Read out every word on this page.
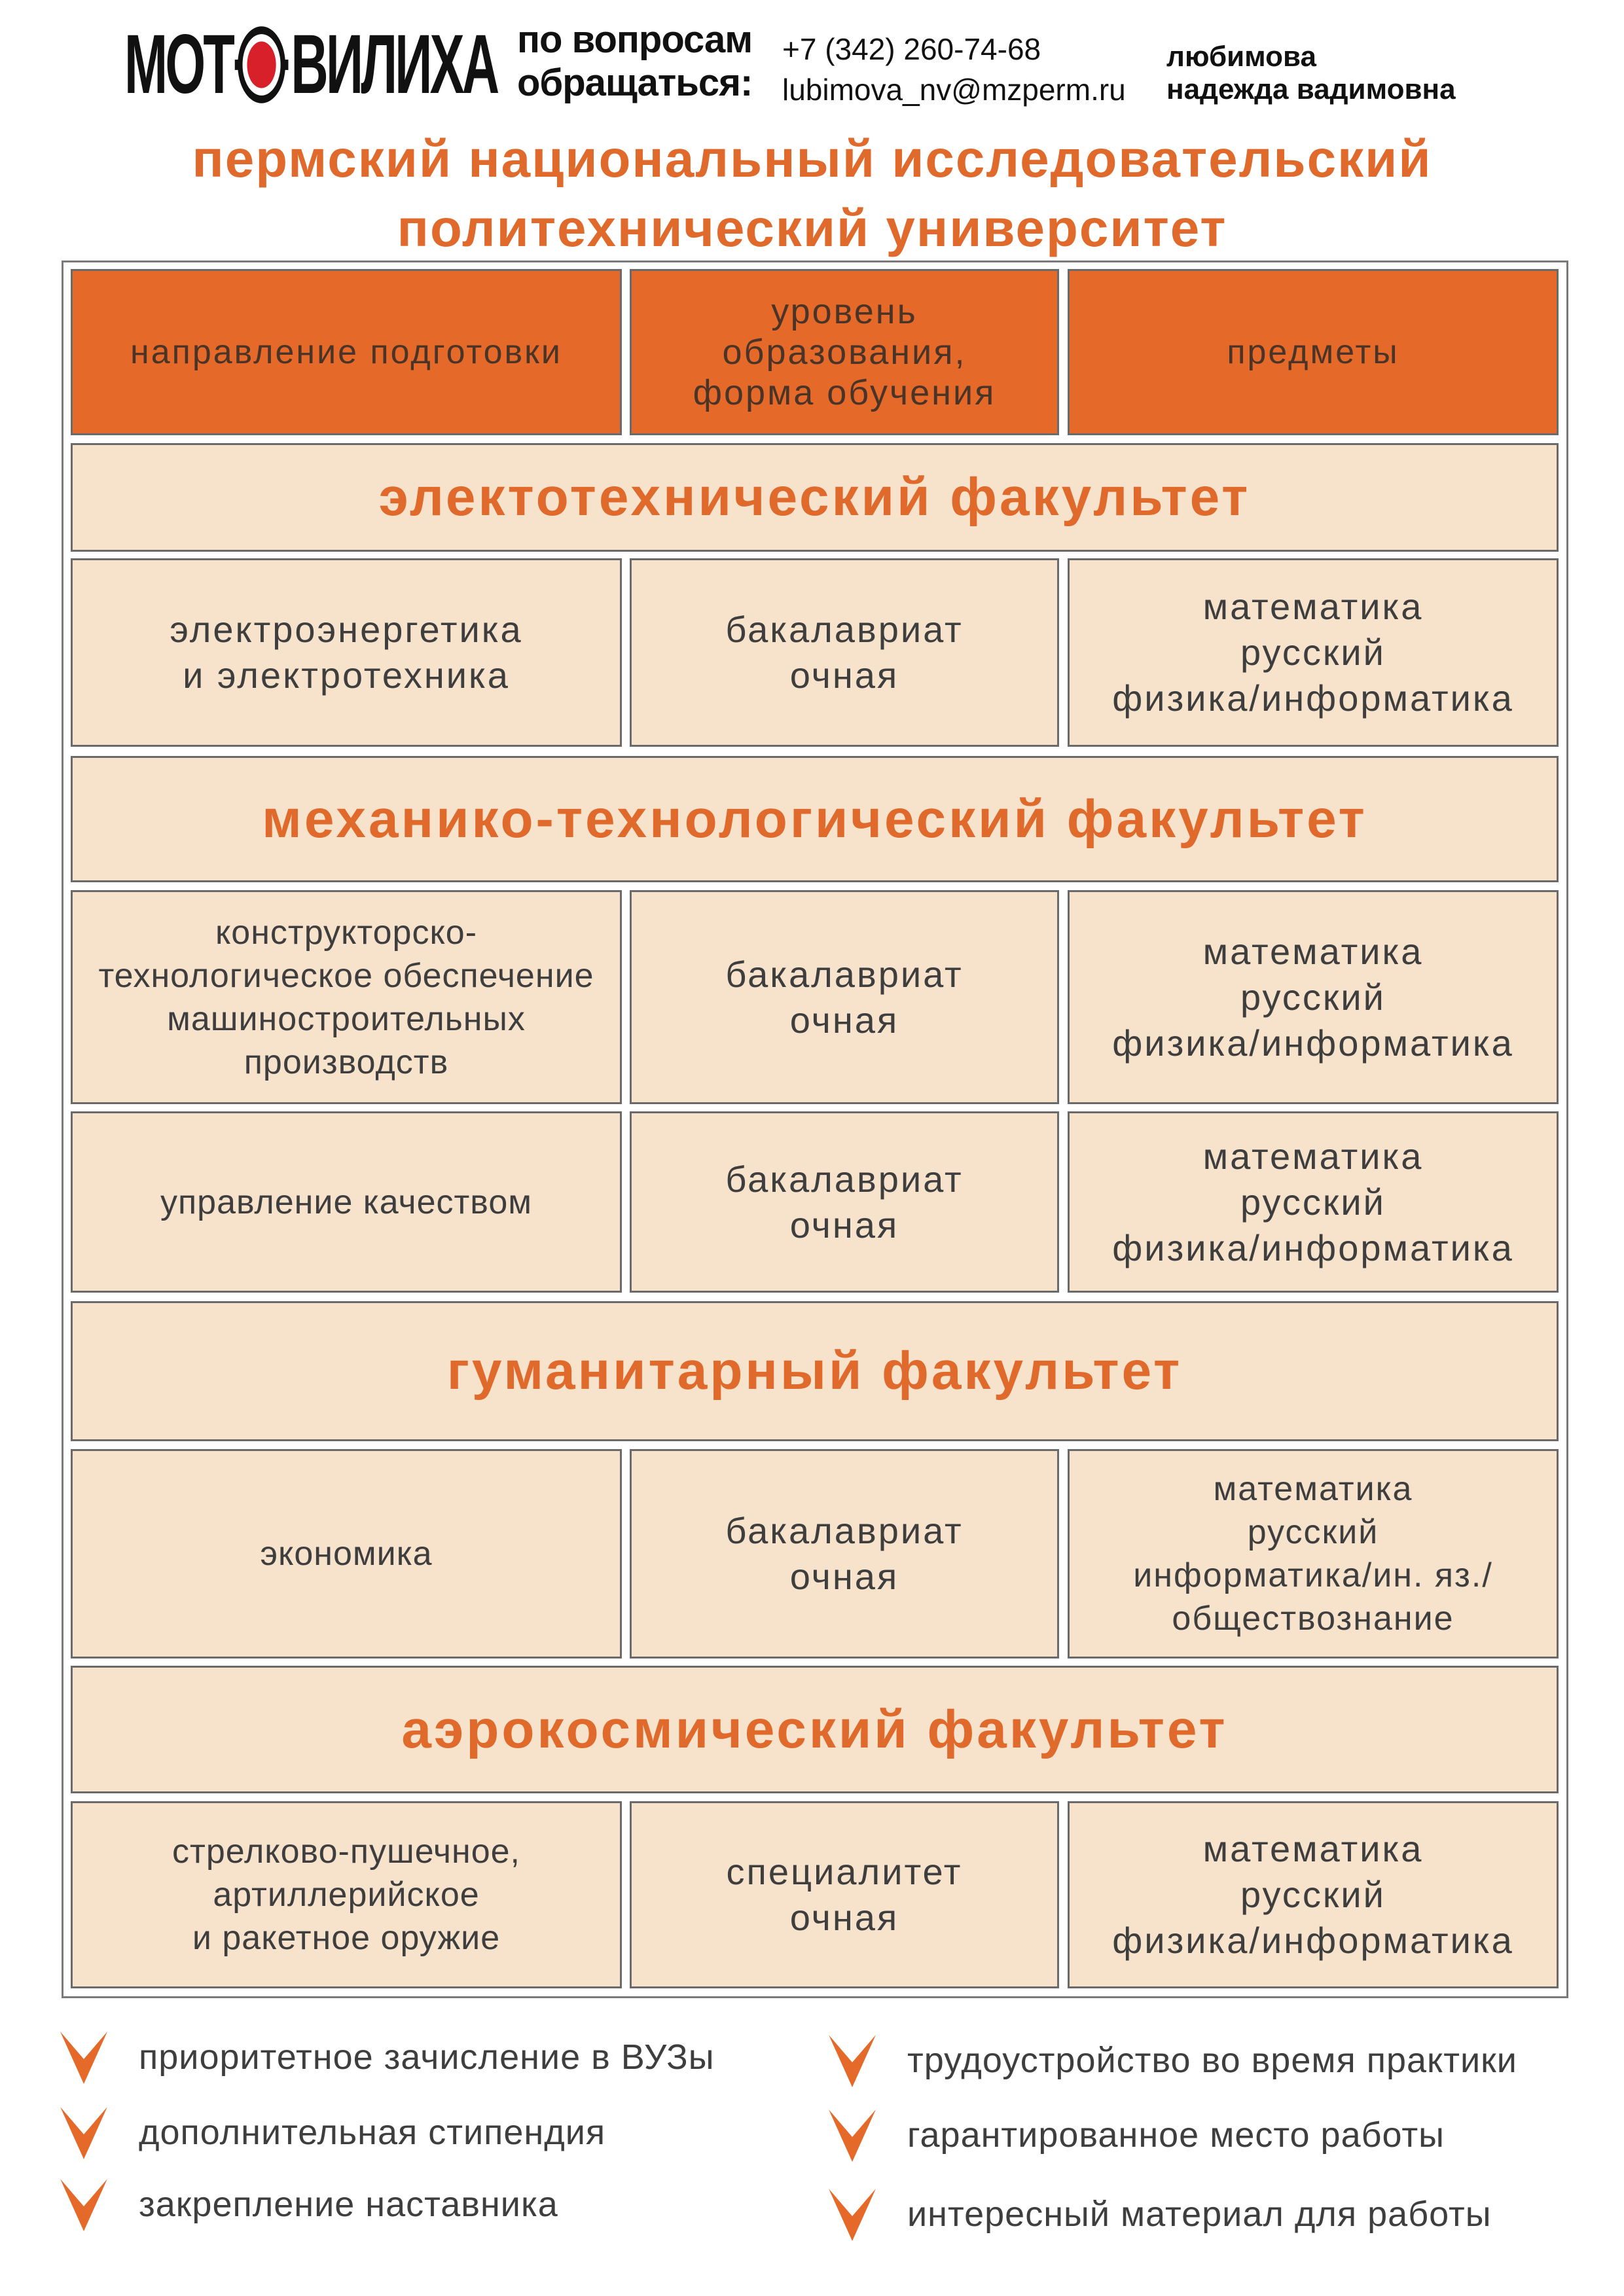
МОТ ВИЛИХА по вопросам
обращаться:
+7 (342) 260-74-68
lubimova_nv@mzperm.ru
любимова
надежда вадимовна
пермский национальный исследовательский
политехнический университет
направление подготовки
уровень
образования,
форма обучения
предметы
электотехнический факультет
электроэнергетика
и электротехника
бакалавриат
очная
математика
русский
физика/информатика
механико-технологический факультет
конструкторско-
технологическое обеспечение
машиностроительных
производств
бакалавриат
очная
математика
русский
физика/информатика
управление качеством
бакалавриат
очная
математика
русский
физика/информатика
гуманитарный факультет
экономика
бакалавриат
очная
математика
русский
информатика/ин. яз./
обществознание
аэрокосмический факультет
стрелково-пушечное,
артиллерийское
и ракетное оружие
специалитет
очная
математика
русский
физика/информатика
приоритетное зачисление в ВУЗы
дополнительная стипендия
закрепление наставника
трудоустройство во время практики
гарантированное место работы
интересный материал для работы
